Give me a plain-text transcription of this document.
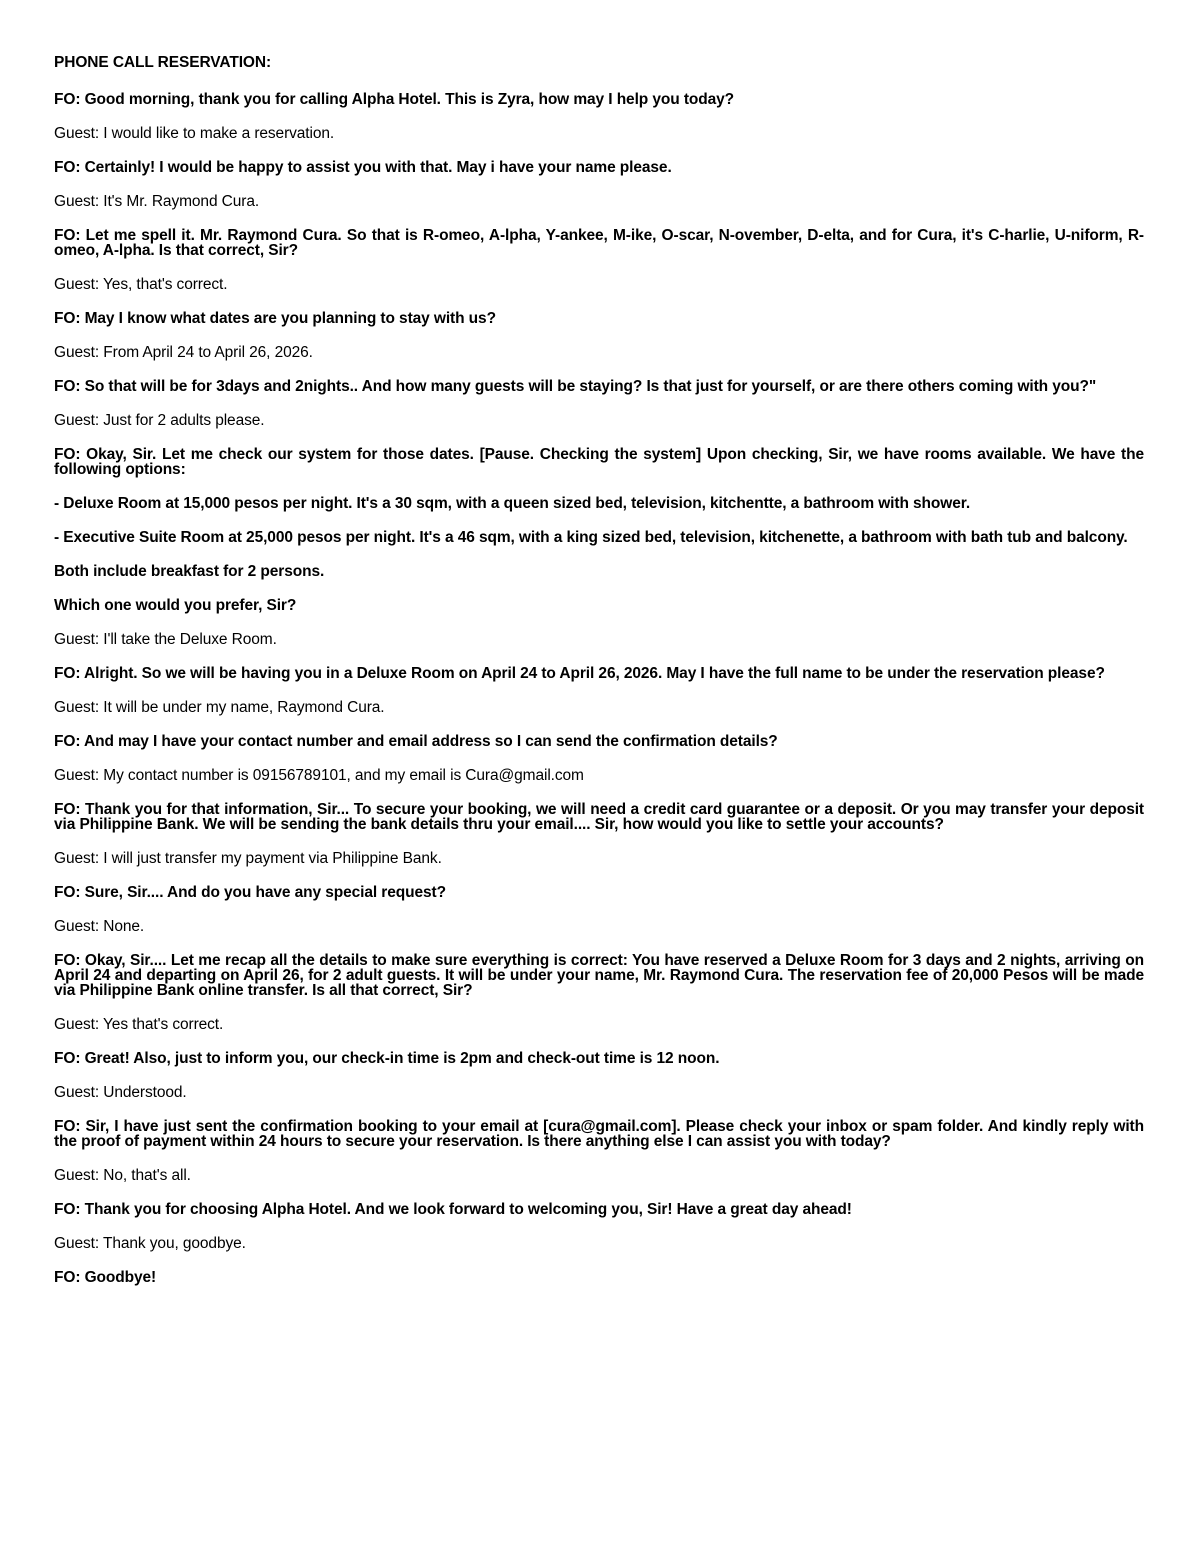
PHONE CALL RESERVATION:

FO: Good morning, thank you for calling Alpha Hotel. This is Zyra, how may I help you today?

Guest: I would like to make a reservation.

FO: Certainly! I would be happy to assist you with that. May i have your name please.

Guest: It's Mr. Raymond Cura.

FO: Let me spell it. Mr. Raymond Cura. So that is R-omeo, A-lpha, Y-ankee, M-ike, O-scar, N-ovember, D-elta, and for Cura, it's C-harlie, U-niform, R-omeo, A-lpha. Is that correct, Sir?

Guest: Yes, that's correct.

FO: May I know what dates are you planning to stay with us?

Guest: From April 24 to April 26, 2026.

FO: So that will be for 3days and 2nights.. And how many guests will be staying? Is that just for yourself, or are there others coming with you?"

Guest: Just for 2 adults please.

FO: Okay, Sir. Let me check our system for those dates. [Pause. Checking the system] Upon checking, Sir, we have rooms available. We have the following options:

- Deluxe Room at 15,000 pesos per night. It's a 30 sqm, with a queen sized bed, television, kitchentte, a bathroom with shower.

- Executive Suite Room at 25,000 pesos per night. It's a 46 sqm, with a king sized bed, television, kitchenette, a bathroom with bath tub and balcony.

Both include breakfast for 2 persons.

Which one would you prefer, Sir?

Guest: I'll take the Deluxe Room.

FO: Alright. So we will be having you in a Deluxe Room on April 24 to April 26, 2026. May I have the full name to be under the reservation please?

Guest: It will be under my name, Raymond Cura.

FO: And may I have your contact number and email address so I can send the confirmation details?

Guest: My contact number is 09156789101, and my email is Cura@gmail.com

FO: Thank you for that information, Sir... To secure your booking, we will need a credit card guarantee or a deposit. Or you may transfer your deposit via Philippine Bank. We will be sending the bank details thru your email.... Sir, how would you like to settle your accounts?

Guest: I will just transfer my payment via Philippine Bank.

FO: Sure, Sir.... And do you have any special request?

Guest: None.

FO: Okay, Sir.... Let me recap all the details to make sure everything is correct: You have reserved a Deluxe Room for 3 days and 2 nights, arriving on April 24 and departing on April 26, for 2 adult guests. It will be under your name, Mr. Raymond Cura. The reservation fee of 20,000 Pesos will be made via Philippine Bank online transfer. Is all that correct, Sir?

Guest: Yes that's correct.

FO: Great! Also, just to inform you, our check-in time is 2pm and check-out time is 12 noon.

Guest: Understood.

FO: Sir, I have just sent the confirmation booking to your email at [cura@gmail.com]. Please check your inbox or spam folder. And kindly reply with the proof of payment within 24 hours to secure your reservation. Is there anything else I can assist you with today?

Guest: No, that's all.

FO: Thank you for choosing Alpha Hotel. And we look forward to welcoming you, Sir! Have a great day ahead!

Guest: Thank you, goodbye.

FO: Goodbye!
